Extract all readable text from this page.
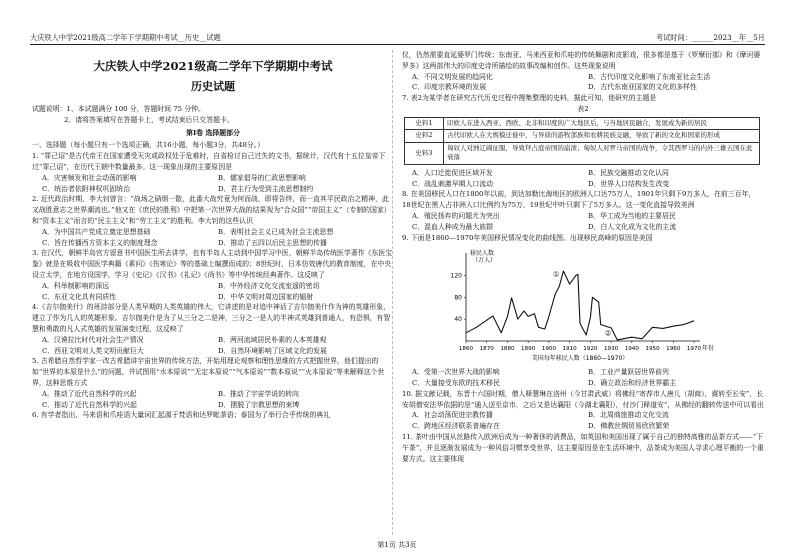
大庆铁人中学2021级高二学年下学期期中考试__历史__试题	考试时间：______2023__年__5月

大庆铁人中学2021级高二学年下学期期中考试

历史试题

试题说明：1、本试题满分 100 分，答题时间 75 分钟。

2、请将答案填写在答题卡上，考试结束后只交答题卡。

第Ⅰ卷 选择题部分

一、选择题（每小题只有一个选项正确，共16小题，每小题3分，共48分。）

1. “罪己诏”是古代帝王在国家遭受天灾或政权处于危难时，自省检讨自己过失的文书，据统计，汉代有十五位皇帝下过“罪己诏”，在历代王朝中数量最多。这一现象出现的主要原因是

A．灾害频发和社会动荡的影响	B．儒家倡导的仁政思想影响
C．统治者依附神权巩固统治	D．君主行为受到主流思想制约

2. 近代政治时期，李大钊曾言：“战场之硝烟一散，此番大战究竟为何而战，即将告终，而一直其平民政治之精神，此又战胜意志之世界潮流也。”他又在《庶民的胜利》中把第一次世界大战的结果视为“合众国”“帝国主义”（专制的国家）和“资本主义”而言的“民主主义”和“劳工主义”的胜利。李大钊的这些认识

A．为中国共产党成立奠定思想基础	B．表明社会主义已成为社会主流思想
C．旨在传播西方资本主义的制度理念	D．推动了五四以后民主思想的传播

3. 在汉代，朝鲜半岛官方留意书中国医生所去讲学，也有半岛人主动到中国学习中医，朝鲜半岛传统医学著作《东医宝鉴》就是在吸收中国医学典籍《素问》《伤寒论》等的基础上编撰而成的；8世纪时，日本仿效唐代的教育制度，在中央设立太学，在地方设国学，学习《史记》《汉书》《礼记》《尚书》等中华传统经典著作。这反映了

A．科举制影响的深远	B．中外经济文化交流室遥的密切
C．东亚文化具有同质性	D．中华文明对周边国家的辐射

4.《吉尔伽美什》的班詩部分是人类早期的人类英雄的伟大，它讲述的是对追中神话了吉尔伽美什作为神的英雄形象，建立了作为几人的英雄形象。吉尔伽美什是为了从三分之二是神，三分之一是人的半神式英雄到普通人，有恐惧，有智慧和勇敢的凡人式英雄的发展演变过程，这反映了

A．汉谟拉比时代对社会生产情况	B．两河流域居民朴素的人本英雄观
C．西亚文明对人类文明贡献巨大	D．自然环境影响了区域文化的发展

5. 古希腊自然哲学家一改古希腊讲宇宙世界的传统方法，开始用理论观察和理性思维的方式把握世界，他们提出的如“世界的本原是什么”的问题，并试图用“水本原说”“无定本原说”“气本原说”“数本原说”“火本原说”等来解释这个世界，这种思维方式

A．推动了近代自然科学的兴起	B．推动了宇宙学说的转向
C．推动了近代自然科学的兴起	D．摆脱了宗教思想的束缚

6. 有学者指出，马来语和爪哇语大量词汇起源于梵语和达罗毗荼语；泰国为了举行合乎传统的典礼

仪，仍然需要直延婆罗门传统；东南亚、马来西亚和爪哇的传统舞剧和皮影戏，很多都是基于《罗摩衍那》和《摩诃婆罗多》这两部伟大的印度史诗所描绘的故事改编和创作。这些现象说明

A．不同文明发展的趋同化	B．古代印度文化影响了东南亚社会生活
C．印度宗教环境的发展	D．古代东南亚国家的文化的多样性

7. 表2为某学者在研究古代历史过程中搜集整理的史料，据此可知，他研究的主题是

表2

史料1	印欧人在进入西亚、西欧、北非和印度的广大地区后，与当地居民融合，发展成为新的居民
史料2	古代印欧人在大规模迁徙中，与异质的游牧部族和农耕民族交融，导致了新的文化和国家的形成
史料3	匈奴人对洲辽阔征服，导致拜占庭帝国的崩溃；匈奴人对罗马帝国的战争，令其西罗马的内外三雄五国在此衰落
A．人口迁徙促进区域开发	B．民族交融推动文化认同
C．战乱刺激早期人口流动	D．世界人口结构发生改变

8. 在美国移民人口在1800年以前，到达加勒比海地区的欧洲人口达75万人，1901年只剩下9万多人，在前三百年，18世纪在黑人占非洲人口比例约为75万，19世纪中叶只剩下了5万多人。这一变化直接导致美洲

A．殖民扬弃的问题尤为突出	B．华工成为当地的主要居民
C．混血人种成为最大族群	D．白人文化成为文化的主流

9. 下面是1860—1970年美国移民情况变化的曲线图。出现移民高峰的原因是美国

移民人数
（万人）
40
80
120
1860 1870 1880 1890 1900 1910 1920 1930 1940 1950 1960 1970 年份
①
②
美国每年移民人数（1860—1970）
A．受第一次世界大战的影响	B．工业产量跃居世界前列
C．大量接受东欧的技术移民	D．确立政治和经济世界霸主

10. 据文献记载，东晋十六国时期，僧人释慧琳在洛州（今甘肃武威）将佛经“寄荐市人唐儿（胡商），震转至长安”，长安胡僧安法华依据的是“通人送至京市，之后又是达襄阳（今湖北襄阳），付沙门释道安”，从佛经的翻转传送中可以看出

A．社会动荡促进宗教传播	B．北周商旅推动文化交流
C．跨地区经济联系普遍存在	D．佛教丝绸贸易欣欣繁荣

11. 茶叶由中国从丝路传入欧洲后成为一种奢侈的消费品，如英国和美国出现了属于自己的独特高雅的品茶方式——“下午茶”，并且逐渐发展成为一种风俗习惯享受世界，这主要原因是在生活环境中，品茶成为美国人寻求心理平衡的一个重要方式。这主要体现

第1页 共3页
